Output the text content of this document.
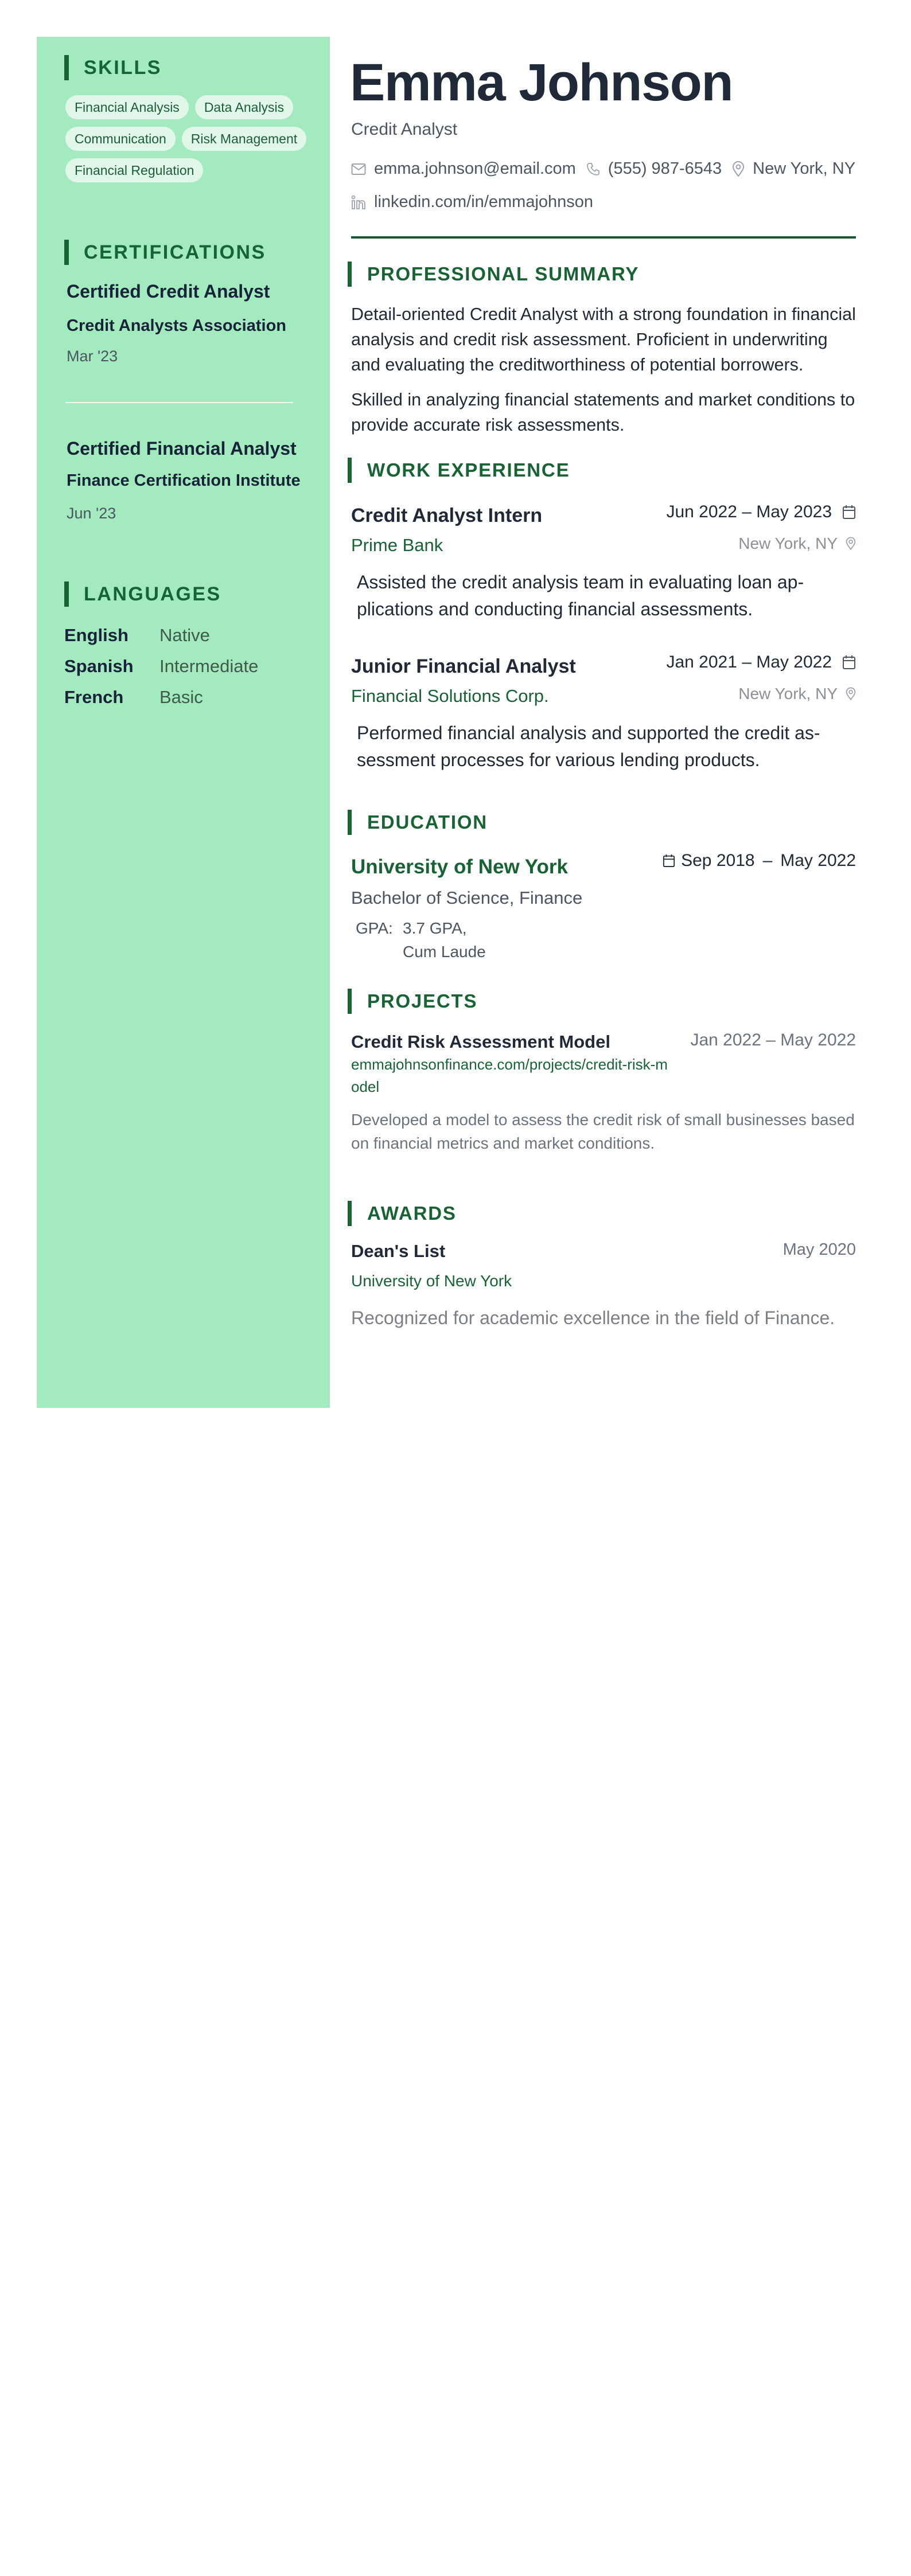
SKILLS
Financial Analysis	Data Analysis
Communication	Risk Management
Financial Regulation
CERTIFICATIONS
Certified Credit Analyst
Credit Analysts Association
Mar '23
Certified Financial Analyst
Finance Certification Institute
Jun '23
LANGUAGES
English Native
Spanish Intermediate
French Basic
Emma Johnson
Credit Analyst
emma.johnson@email.com (555) 987-6543 New York, NY
linkedin.com/in/emmajohnson
PROFESSIONAL SUMMARY

Detail-oriented Credit Analyst with a strong foundation in financial analysis and credit risk assessment. Proficient in underwriting and evaluating the creditworthiness of potential borrowers.

Skilled in analyzing financial statements and market conditions to provide accurate risk assessments.

WORK EXPERIENCE
Credit Analyst Intern	Jun 2022 – May 2023
Prime Bank	New York, NY

Assisted the credit analysis team in evaluating loan ap-plications and conducting financial assessments.

Junior Financial Analyst	Jan 2021 – May 2022
Financial Solutions Corp.	New York, NY

Performed financial analysis and supported the credit as-sessment processes for various lending products.

EDUCATION
University of New York	Sep 2018 – May 2022
Bachelor of Science, Finance
GPA: 3.7 GPA,
Cum Laude
PROJECTS
Credit Risk Assessment Model	Jan 2022 – May 2022
emmajohnsonfinance.com/projects/credit-risk-model

Developed a model to assess the credit risk of small businesses based on financial metrics and market conditions.

AWARDS
Dean's List	May 2020
University of New York
Recognized for academic excellence in the field of Finance.
